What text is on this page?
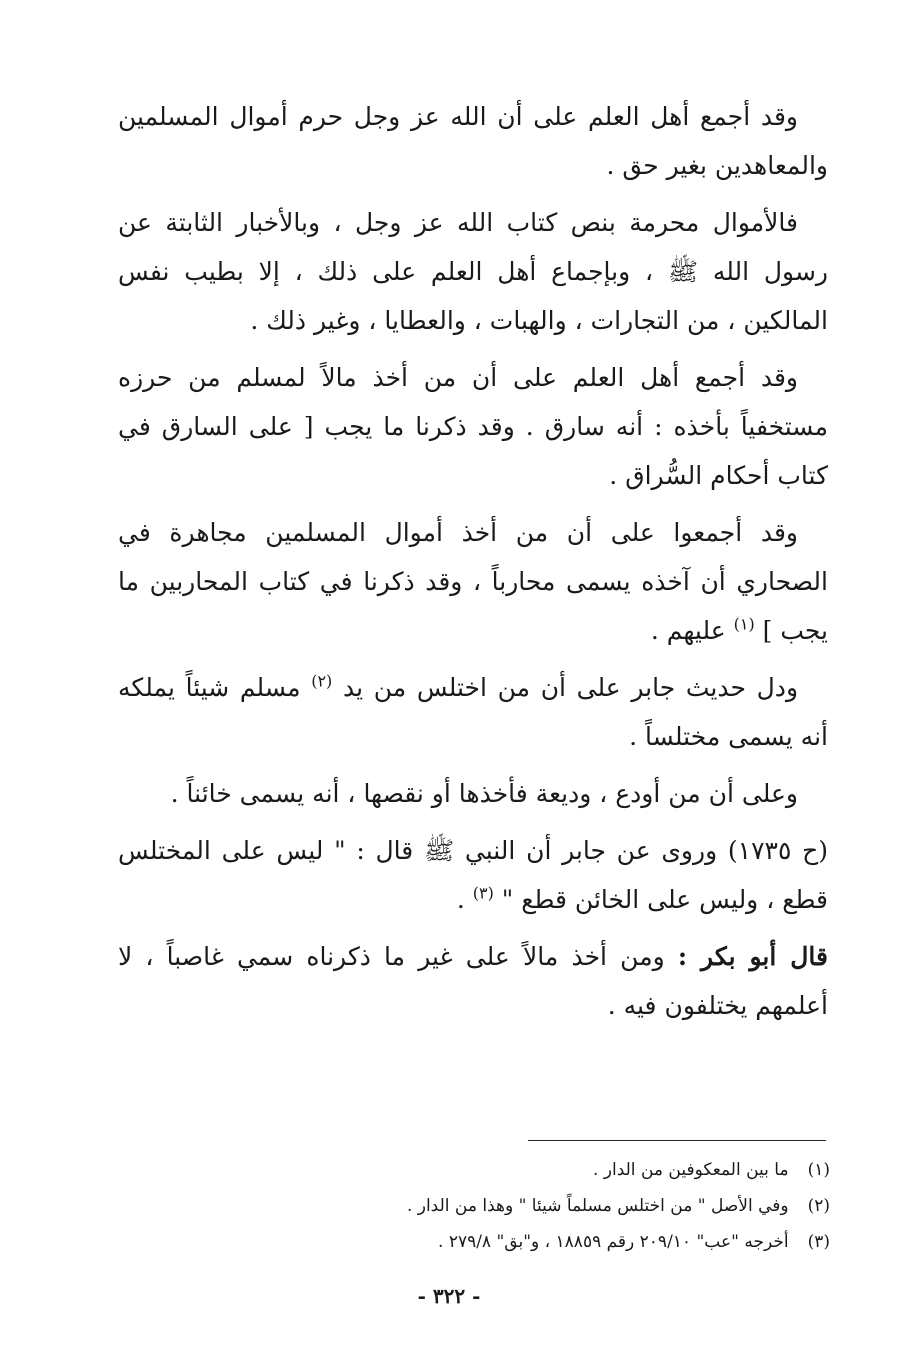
وقد أجمع أهل العلم على أن الله عز وجل حرم أموال المسلمين والمعاهدين بغير حق .

فالأموال محرمة بنص كتاب الله عز وجل ، وبالأخبار الثابتة عن رسول الله ﷺ ، وبإجماع أهل العلم على ذلك ، إلا بطيب نفس المالكين ، من التجارات ، والهبات ، والعطايا ، وغير ذلك .

وقد أجمع أهل العلم على أن من أخذ مالاً لمسلم من حرزه مستخفياً بأخذه : أنه سارق . وقد ذكرنا ما يجب [ على السارق في كتاب أحكام السُّراق .

وقد أجمعوا على أن من أخذ أموال المسلمين مجاهرة في الصحاري أن آخذه يسمى محارباً ، وقد ذكرنا في كتاب المحاربين ما يجب ] $^{(١)}$ عليهم .

ودل حديث جابر على أن من اختلس من يد $^{(٢)}$ مسلم شيئاً يملكه أنه يسمى مختلساً .

وعلى أن من أودع ، وديعة فأخذها أو نقصها ، أنه يسمى خائناً .

(ح ١٧٣٥) وروى عن جابر أن النبي ﷺ قال : " ليس على المختلس قطع ، وليس على الخائن قطع " $^{(٣)}$ .

قال أبو بكر : ومن أخذ مالاً على غير ما ذكرناه سمي غاصباً ، لا أعلمهم يختلفون فيه .

(١) ما بين المعكوفين من الدار .
(٢) وفي الأصل " من اختلس مسلماً شيئا " وهذا من الدار .
(٣) أخرجه "عب" ٢٠٩/١٠ رقم ١٨٨٥٩ ، و"بق" ٢٧٩/٨ .
- ٣٢٢ -
